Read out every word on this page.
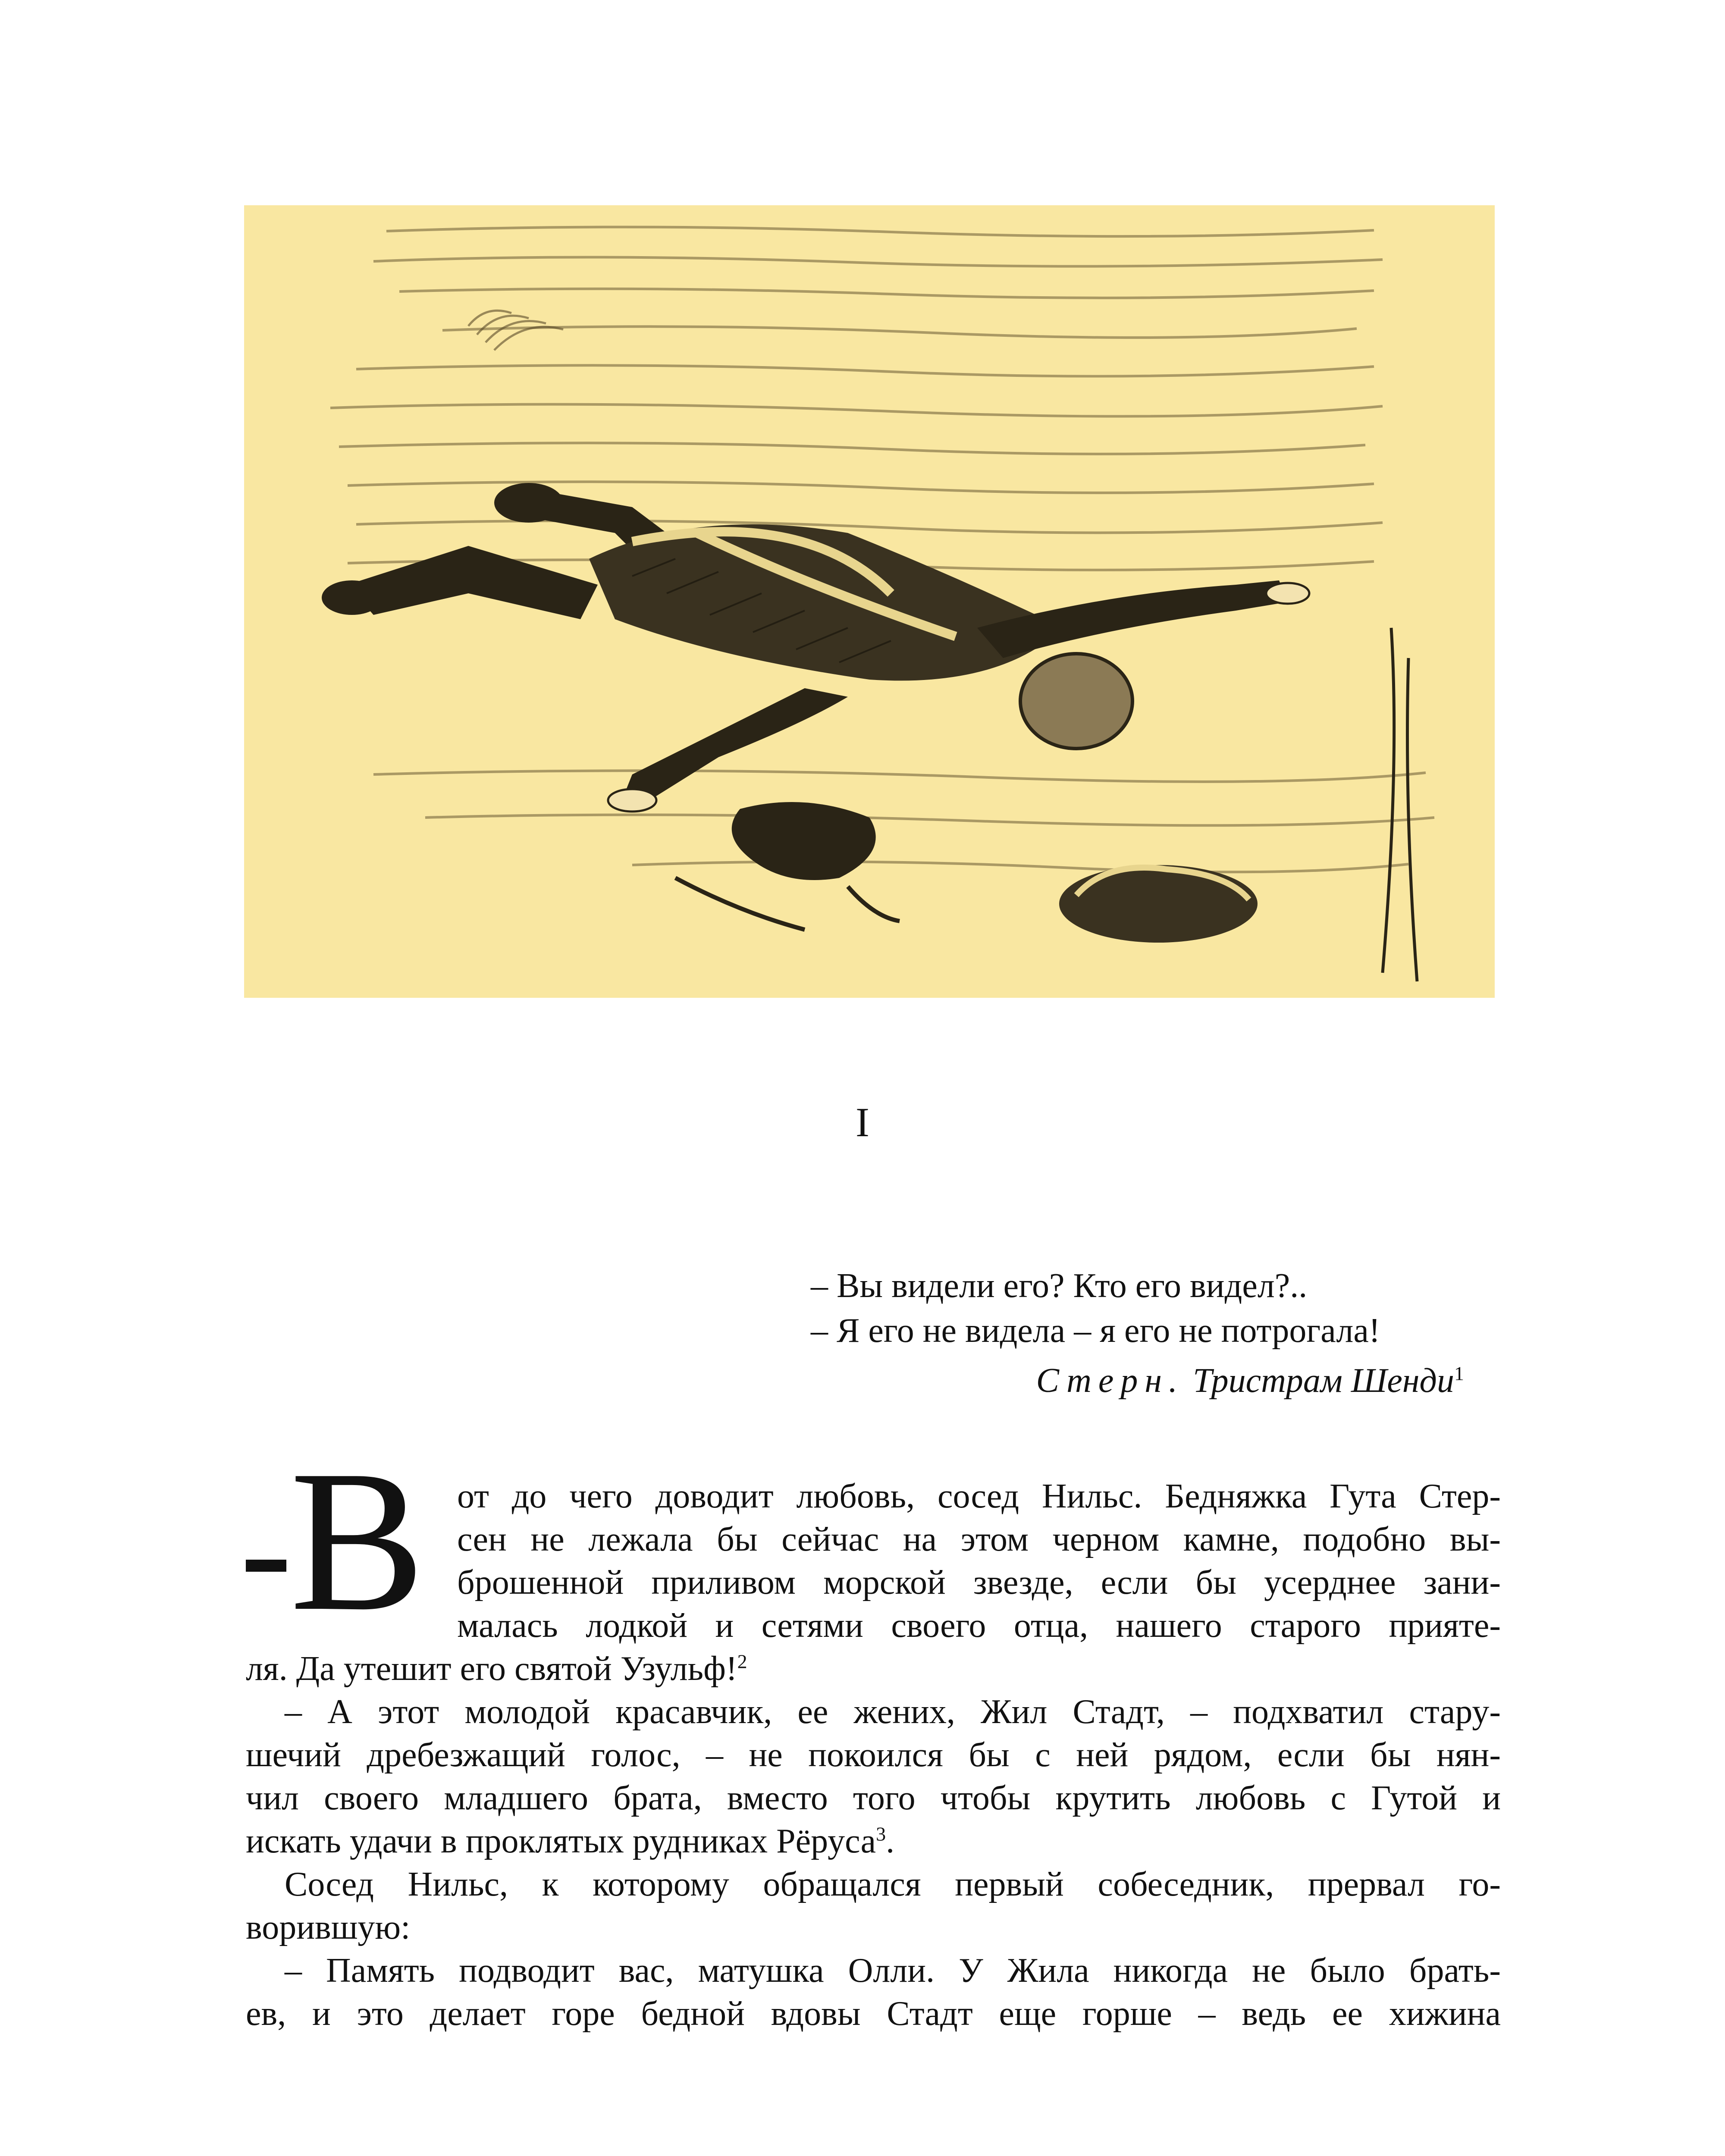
I
– Вы видели его? Кто его видел?..
– Я его не видела – я его не потрогала!
Стерн. Тристрам Шенди$^1$
В от до чего доводит любовь, сосед Нильс. Бедняжка Гута Стер-
сен не лежала бы сейчас на этом черном камне, подобно вы-
брошенной приливом морской звезде, если бы усерднее зани-
малась лодкой и сетями своего отца, нашего старого прияте-
ля. Да утешит его святой Узульф!$^2$
– А этот молодой красавчик, ее жених, Жил Стадт, – подхватил стару-
шечий дребезжащий голос, – не покоился бы с ней рядом, если бы нян-
чил своего младшего брата, вместо того чтобы крутить любовь с Гутой и
искать удачи в проклятых рудниках Рёруса$^3$.
Сосед Нильс, к которому обращался первый собеседник, прервал го-
ворившую:
– Память подводит вас, матушка Олли. У Жила никогда не было брать-
ев, и это делает горе бедной вдовы Стадт еще горше – ведь ее хижина
